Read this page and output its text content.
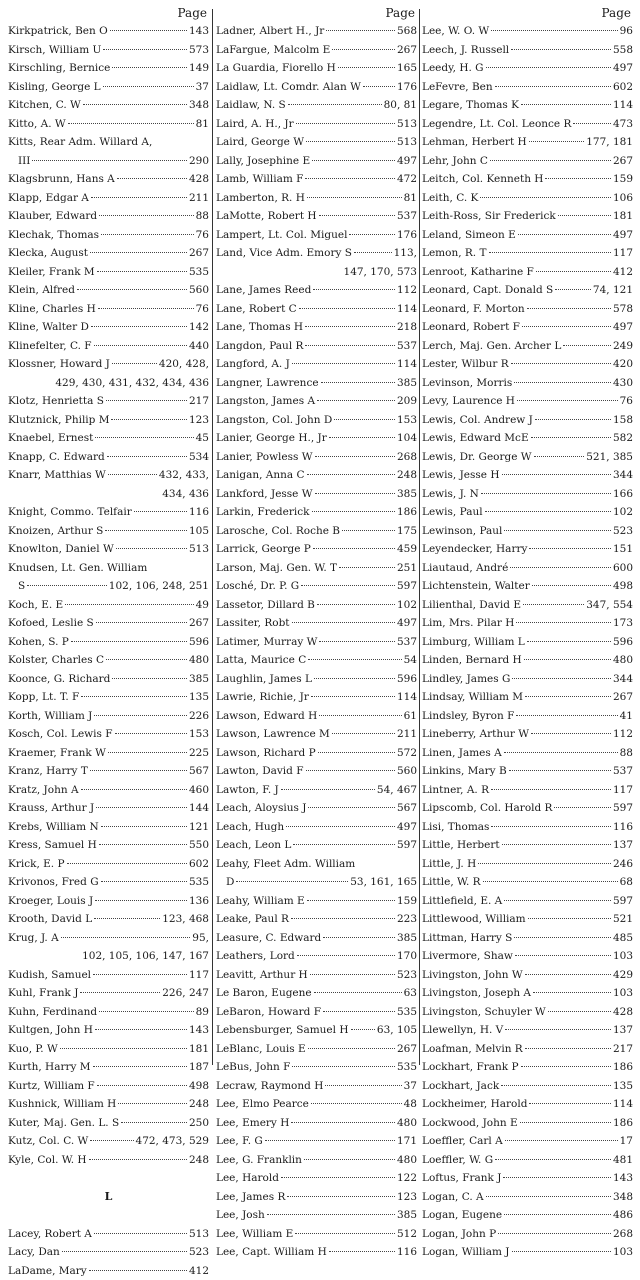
Page
Kirkpatrick, Ben O	143
Kirsch, William U	573
Kirschling, Bernice	149
Kisling, George L	37
Kitchen, C. W	348
Kitto, A. W	81
Kitts, Rear Adm. Willard A,
III	290
Klagsbrunn, Hans A	428
Klapp, Edgar A	211
Klauber, Edward	88
Klechak, Thomas	76
Klecka, August	267
Kleiler, Frank M	535
Klein, Alfred	560
Kline, Charles H	76
Kline, Walter D	142
Klinefelter, C. F	440
Klossner, Howard J	420, 428,
429, 430, 431, 432, 434, 436
Klotz, Henrietta S	217
Klutznick, Philip M	123
Knaebel, Ernest	45
Knapp, C. Edward	534
Knarr, Matthias W	432, 433,
434, 436
Knight, Commo. Telfair	116
Knoizen, Arthur S	105
Knowlton, Daniel W	513
Knudsen, Lt. Gen. William
S	102, 106, 248, 251
Koch, E. E	49
Kofoed, Leslie S	267
Kohen, S. P	596
Kolster, Charles C	480
Koonce, G. Richard	385
Kopp, Lt. T. F	135
Korth, William J	226
Kosch, Col. Lewis F	153
Kraemer, Frank W	225
Kranz, Harry T	567
Kratz, John A	460
Krauss, Arthur J	144
Krebs, William N	121
Kress, Samuel H	550
Krick, E. P	602
Krivonos, Fred G	535
Kroeger, Louis J	136
Krooth, David L	123, 468
Krug, J. A	95,
102, 105, 106, 147, 167
Kudish, Samuel	117
Kuhl, Frank J	226, 247
Kuhn, Ferdinand	89
Kultgen, John H	143
Kuo, P. W	181
Kurth, Harry M	187
Kurtz, William F	498
Kushnick, William H	248
Kuter, Maj. Gen. L. S	250
Kutz, Col. C. W	472, 473, 529
Kyle, Col. W. H	248
L
Lacey, Robert A	513
Lacy, Dan	523
LaDame, Mary	412
Page
Ladner, Albert H., Jr	568
LaFargue, Malcolm E	267
La Guardia, Fiorello H	165
Laidlaw, Lt. Comdr. Alan W	176
Laidlaw, N. S	80, 81
Laird, A. H., Jr	513
Laird, George W	513
Lally, Josephine E	497
Lamb, William F	472
Lamberton, R. H	81
LaMotte, Robert H	537
Lampert, Lt. Col. Miguel	176
Land, Vice Adm. Emory S	113,
147, 170, 573
Lane, James Reed	112
Lane, Robert C	114
Lane, Thomas H	218
Langdon, Paul R	537
Langford, A. J	114
Langner, Lawrence	385
Langston, James A	209
Langston, Col. John D	153
Lanier, George H., Jr	104
Lanier, Powless W	268
Lanigan, Anna C	248
Lankford, Jesse W	385
Larkin, Frederick	186
Larosche, Col. Roche B	175
Larrick, George P	459
Larson, Maj. Gen. W. T	251
Losché, Dr. P. G	597
Lassetor, Dillard B	102
Lassiter, Robt	497
Latimer, Murray W	537
Latta, Maurice C	54
Laughlin, James L	596
Lawrie, Richie, Jr	114
Lawson, Edward H	61
Lawson, Lawrence M	211
Lawson, Richard P	572
Lawton, David F	560
Lawton, F. J	54, 467
Leach, Aloysius J	567
Leach, Hugh	497
Leach, Leon L	597
Leahy, Fleet Adm. William
D	53, 161, 165
Leahy, William E	159
Leake, Paul R	223
Leasure, C. Edward	385
Leathers, Lord	170
Leavitt, Arthur H	523
Le Baron, Eugene	63
LeBaron, Howard F	535
Lebensburger, Samuel H	63, 105
LeBlanc, Louis E	267
LeBus, John F	535
Lecraw, Raymond H	37
Lee, Elmo Pearce	48
Lee, Emery H	480
Lee, F. G	171
Lee, G. Franklin	480
Lee, Harold	122
Lee, James R	123
Lee, Josh	385
Lee, William E	512
Lee, Capt. William H	116
Page
Lee, W. O. W	96
Leech, J. Russell	558
Leedy, H. G	497
LeFevre, Ben	602
Legare, Thomas K	114
Legendre, Lt. Col. Leonce R	473
Lehman, Herbert H	177, 181
Lehr, John C	267
Leitch, Col. Kenneth H	159
Leith, C. K	106
Leith-Ross, Sir Frederick	181
Leland, Simeon E	497
Lemon, R. T	117
Lenroot, Katharine F	412
Leonard, Capt. Donald S	74, 121
Leonard, F. Morton	578
Leonard, Robert F	497
Lerch, Maj. Gen. Archer L	249
Lester, Wilbur R	420
Levinson, Morris	430
Levy, Laurence H	76
Lewis, Col. Andrew J	158
Lewis, Edward McE	582
Lewis, Dr. George W	521, 385
Lewis, Jesse H	344
Lewis, J. N	166
Lewis, Paul	102
Lewinson, Paul	523
Leyendecker, Harry	151
Liautaud, André	600
Lichtenstein, Walter	498
Lilienthal, David E	347, 554
Lim, Mrs. Pilar H	173
Limburg, William L	596
Linden, Bernard H	480
Lindley, James G	344
Lindsay, William M	267
Lindsley, Byron F	41
Lineberry, Arthur W	112
Linen, James A	88
Linkins, Mary B	537
Lintner, A. R	117
Lipscomb, Col. Harold R	597
Lisi, Thomas	116
Little, Herbert	137
Little, J. H	246
Little, W. R	68
Littlefield, E. A	597
Littlewood, William	521
Littman, Harry S	485
Livermore, Shaw	103
Livingston, John W	429
Livingston, Joseph A	103
Livingston, Schuyler W	428
Llewellyn, H. V	137
Loafman, Melvin R	217
Lockhart, Frank P	186
Lockhart, Jack	135
Lockheimer, Harold	114
Lockwood, John E	186
Loeffler, Carl A	17
Loeffler, W. G	481
Loftus, Frank J	143
Logan, C. A	348
Logan, Eugene	486
Logan, John P	268
Logan, William J	103
